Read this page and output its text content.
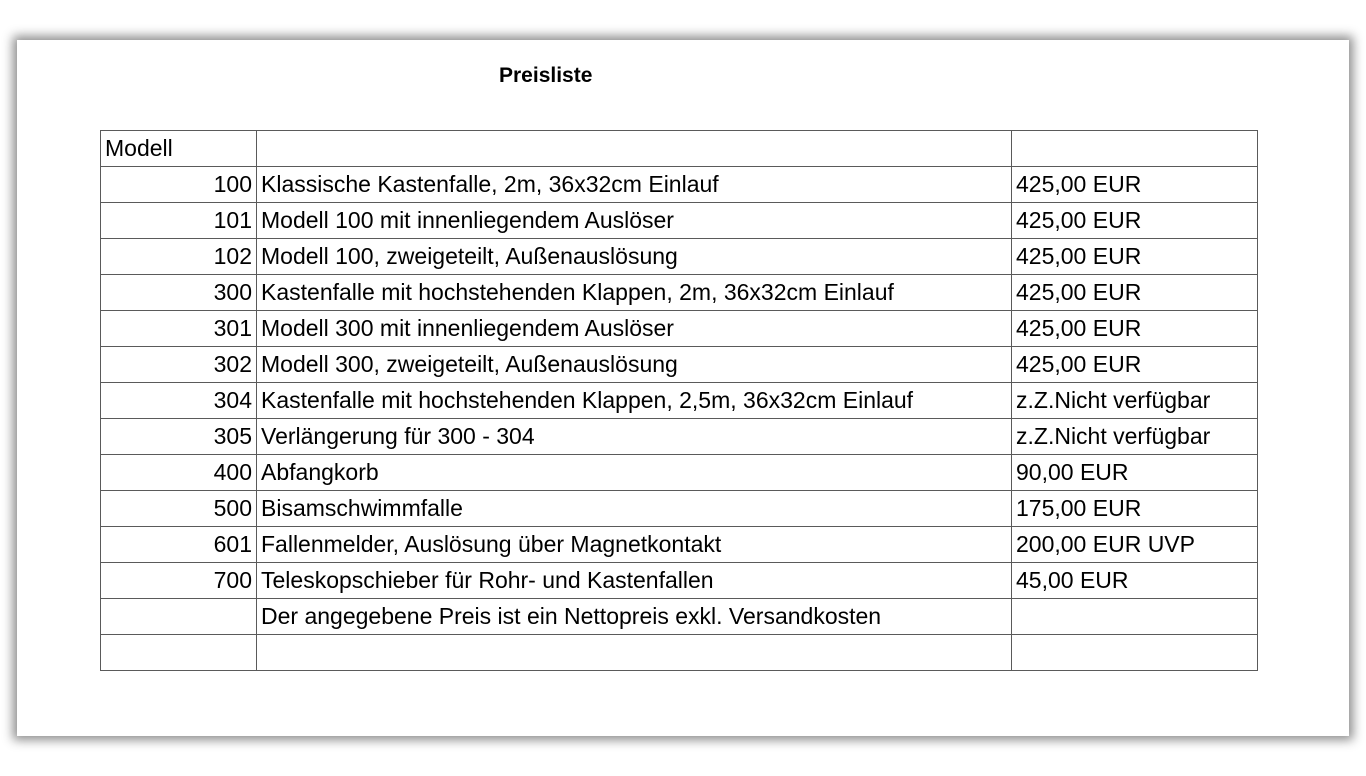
Preisliste
Modell		
100	Klassische Kastenfalle, 2m, 36x32cm Einlauf	425,00 EUR
101	Modell 100 mit innenliegendem Auslöser	425,00 EUR
102	Modell 100, zweigeteilt, Außenauslösung	425,00 EUR
300	Kastenfalle mit hochstehenden Klappen, 2m, 36x32cm Einlauf	425,00 EUR
301	Modell 300 mit innenliegendem Auslöser	425,00 EUR
302	Modell 300, zweigeteilt, Außenauslösung	425,00 EUR
304	Kastenfalle mit hochstehenden Klappen, 2,5m, 36x32cm Einlauf	z.Z.Nicht verfügbar
305	Verlängerung für 300 - 304	z.Z.Nicht verfügbar
400	Abfangkorb	90,00 EUR
500	Bisamschwimmfalle	175,00 EUR
601	Fallenmelder, Auslösung über Magnetkontakt	200,00 EUR UVP
700	Teleskopschieber für Rohr- und Kastenfallen	45,00 EUR
	Der angegebene Preis ist ein Nettopreis exkl. Versandkosten	
